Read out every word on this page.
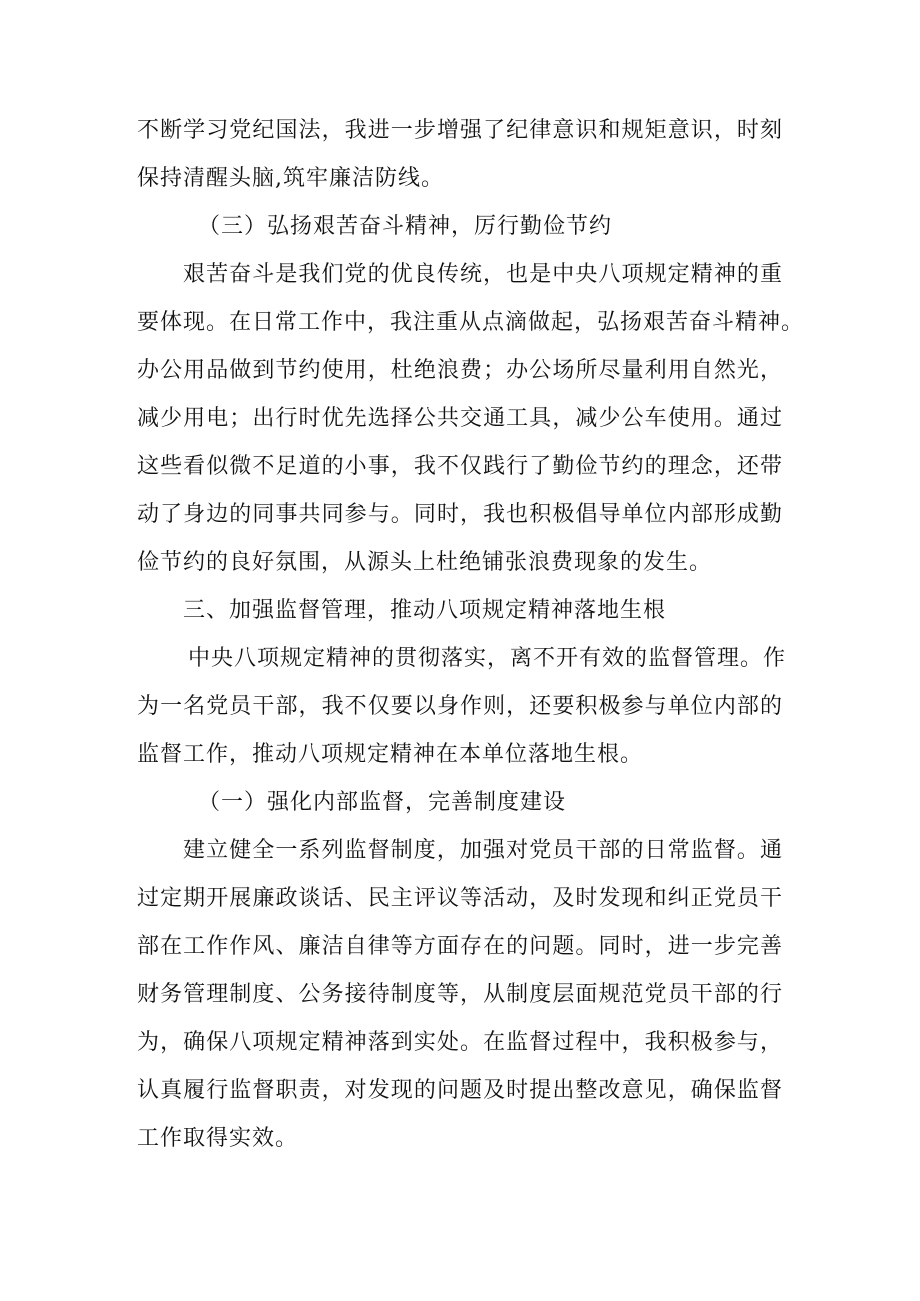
不断学习党纪国法，我进一步增强了纪律意识和规矩意识，时刻
保持清醒头脑,筑牢廉洁防线。
（三）弘扬艰苦奋斗精神，厉行勤俭节约
艰苦奋斗是我们党的优良传统，也是中央八项规定精神的重
要体现。在日常工作中，我注重从点滴做起，弘扬艰苦奋斗精神。
办公用品做到节约使用，杜绝浪费；办公场所尽量利用自然光，
减少用电；出行时优先选择公共交通工具，减少公车使用。通过
这些看似微不足道的小事，我不仅践行了勤俭节约的理念，还带
动了身边的同事共同参与。同时，我也积极倡导单位内部形成勤
俭节约的良好氛围，从源头上杜绝铺张浪费现象的发生。
三、加强监督管理，推动八项规定精神落地生根
中央八项规定精神的贯彻落实，离不开有效的监督管理。作
为一名党员干部，我不仅要以身作则，还要积极参与单位内部的
监督工作，推动八项规定精神在本单位落地生根。
（一）强化内部监督，完善制度建设
建立健全一系列监督制度，加强对党员干部的日常监督。通
过定期开展廉政谈话、民主评议等活动，及时发现和纠正党员干
部在工作作风、廉洁自律等方面存在的问题。同时，进一步完善
财务管理制度、公务接待制度等，从制度层面规范党员干部的行
为，确保八项规定精神落到实处。在监督过程中，我积极参与，
认真履行监督职责，对发现的问题及时提出整改意见，确保监督
工作取得实效。
